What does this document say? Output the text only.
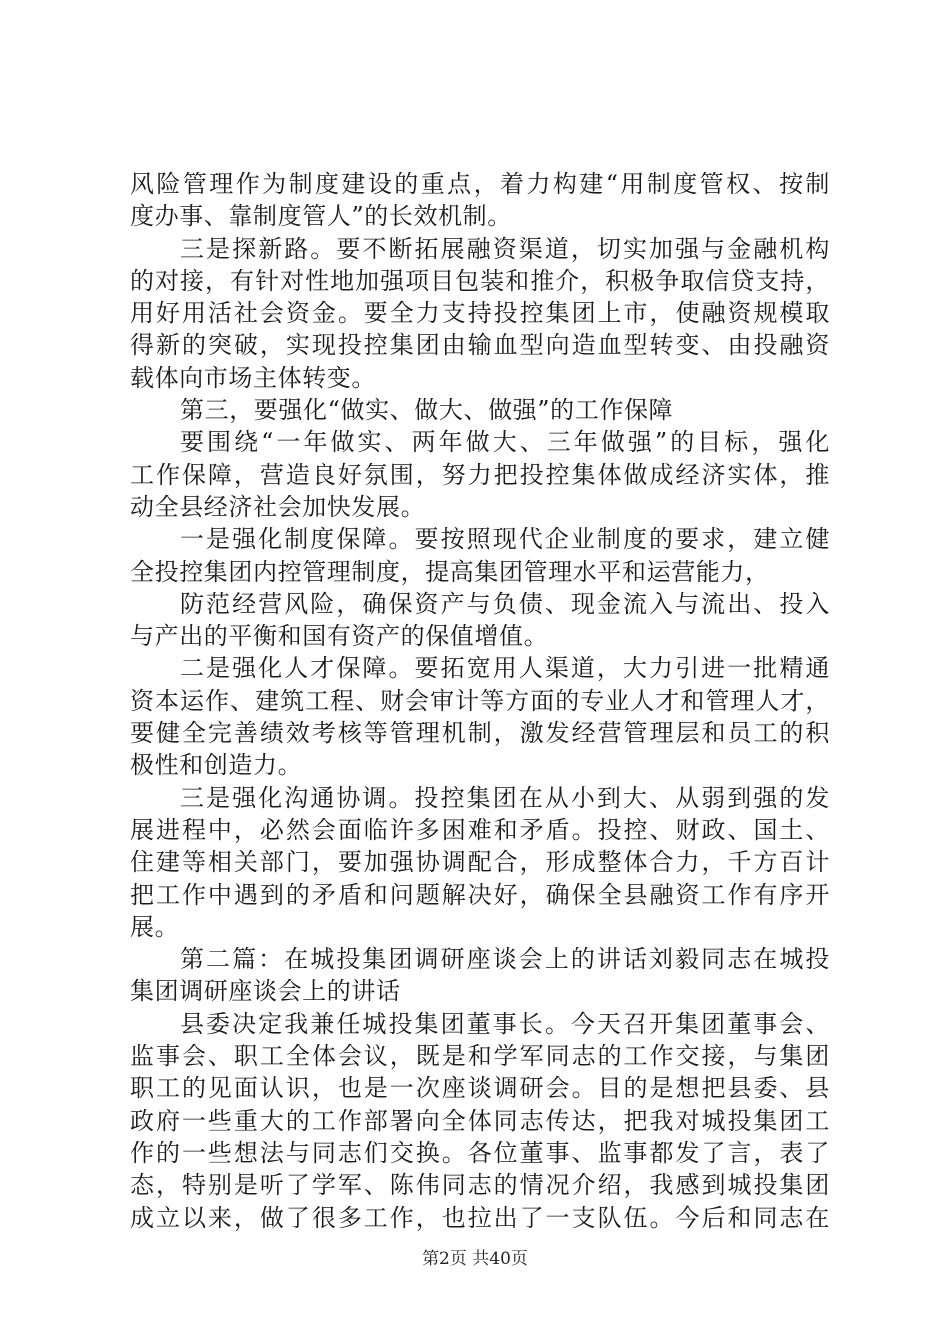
风险管理作为制度建设的重点，着力构建“用制度管权、按制
度办事、靠制度管人”的长效机制。
三是探新路。要不断拓展融资渠道，切实加强与金融机构
的对接，有针对性地加强项目包装和推介，积极争取信贷支持，
用好用活社会资金。要全力支持投控集团上市，使融资规模取
得新的突破，实现投控集团由输血型向造血型转变、由投融资
载体向市场主体转变。
第三，要强化“做实、做大、做强”的工作保障
要围绕“一年做实、两年做大、三年做强”的目标，强化
工作保障，营造良好氛围，努力把投控集体做成经济实体，推
动全县经济社会加快发展。
一是强化制度保障。要按照现代企业制度的要求，建立健
全投控集团内控管理制度，提高集团管理水平和运营能力，
防范经营风险，确保资产与负债、现金流入与流出、投入
与产出的平衡和国有资产的保值增值。
二是强化人才保障。要拓宽用人渠道，大力引进一批精通
资本运作、建筑工程、财会审计等方面的专业人才和管理人才，
要健全完善绩效考核等管理机制，激发经营管理层和员工的积
极性和创造力。
三是强化沟通协调。投控集团在从小到大、从弱到强的发
展进程中，必然会面临许多困难和矛盾。投控、财政、国土、
住建等相关部门，要加强协调配合，形成整体合力，千方百计
把工作中遇到的矛盾和问题解决好，确保全县融资工作有序开
展。
第二篇：在城投集团调研座谈会上的讲话刘毅同志在城投
集团调研座谈会上的讲话
县委决定我兼任城投集团董事长。今天召开集团董事会、
监事会、职工全体会议，既是和学军同志的工作交接，与集团
职工的见面认识，也是一次座谈调研会。目的是想把县委、县
政府一些重大的工作部署向全体同志传达，把我对城投集团工
作的一些想法与同志们交换。各位董事、监事都发了言，表了
态，特别是听了学军、陈伟同志的情况介绍，我感到城投集团
成立以来，做了很多工作，也拉出了一支队伍。今后和同志在
第2页 共40页
